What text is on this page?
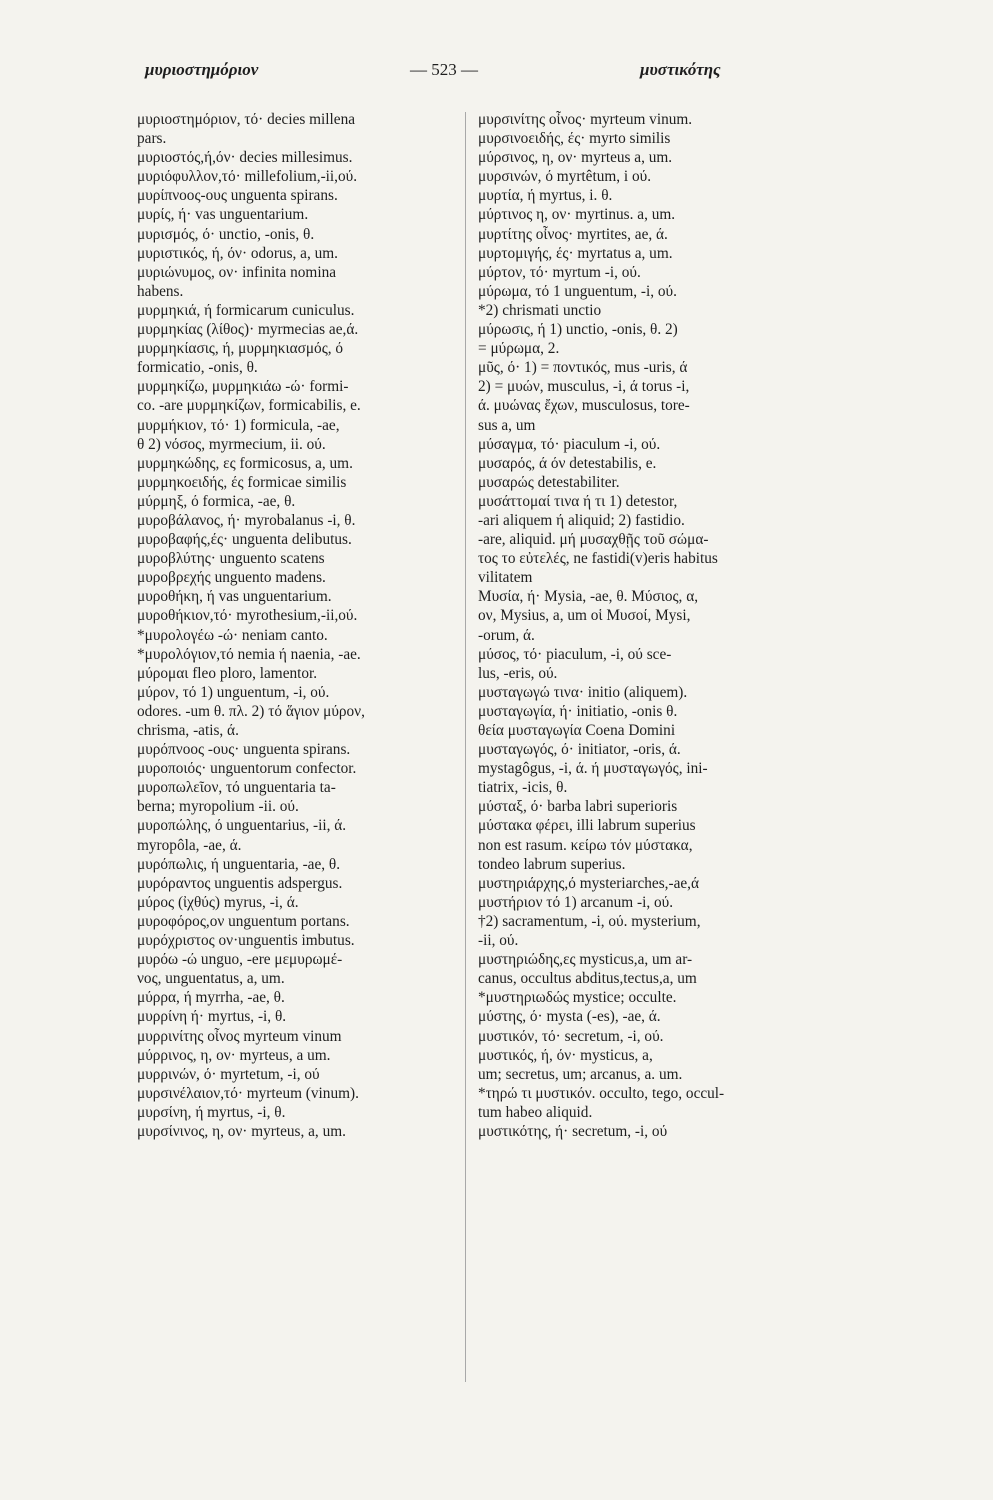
μυριοστημόριον	— 523 —	μυστικότης
μυριοστημόριον, τό· decies millena
pars.
μυριοστός,ή,όν· decies millesimus.
μυριόφυλλον,τό· millefolium,-ii,ού.
μυρίπνοος-ους unguenta spirans.
μυρίς, ή· vas unguentarium.
μυρισμός, ό· unctio, -onis, θ.
μυριστικός, ή, όν· odorus, a, um.
μυριώνυμος, ον· infinita nomina
habens.
μυρμηκιά, ή formicarum cuniculus.
μυρμηκίας (λίθος)· myrmecias ae,ά.
μυρμηκίασις, ή, μυρμηκιασμός, ό
formicatio, -onis, θ.
μυρμηκίζω, μυρμηκιάω -ώ· formi-
co. -are μυρμηκίζων, formicabilis, e.
μυρμήκιον, τό· 1) formicula, -ae,
θ 2) νόσος, myrmecium, ii. ού.
μυρμηκώδης, ες formicosus, a, um.
μυρμηκοειδής, ές formicae similis
μύρμηξ, ό formica, -ae, θ.
μυροβάλανος, ή· myrobalanus -i, θ.
μυροβαφής,ές· unguenta delibutus.
μυροβλύτης· unguento scatens
μυροβρεχής unguento madens.
μυροθήκη, ή vas unguentarium.
μυροθήκιον,τό· myrothesium,-ii,ού.
*μυρολογέω -ώ· neniam canto.
*μυρολόγιον,τό nemia ή naenia, -ae.
μύρομαι fleo ploro, lamentor.
μύρον, τό 1) unguentum, -i, ού.
odores. -um θ. πλ. 2) τό ἅγιον μύρον,
chrisma, -atis, ά.
μυρόπνοος -ους· unguenta spirans.
μυροποιός· unguentorum confector.
μυροπωλεῖον, τό unguentaria ta-
berna; myropolium -ii. ού.
μυροπώλης, ό unguentarius, -ii, ά.
myropôla, -ae, ά.
μυρόπωλις, ή unguentaria, -ae, θ.
μυρόραντος unguentis adspergus.
μύρος (ἰχθύς) myrus, -i, ά.
μυροφόρος,ον unguentum portans.
μυρόχριστος ον·unguentis imbutus.
μυρόω -ώ unguo, -ere μεμυρωμέ-
νος, unguentatus, a, um.
μύρρα, ή myrrha, -ae, θ.
μυρρίνη ή· myrtus, -i, θ.
μυρρινίτης οἶνος myrteum vinum
μύρρινος, η, ον· myrteus, a um.
μυρρινών, ό· myrtetum, -i, ού
μυρσινέλαιον,τό· myrteum (vinum).
μυρσίνη, ή myrtus, -i, θ.
μυρσίνινος, η, ον· myrteus, a, um.
μυρσινίτης οἶνος· myrteum vinum.
μυρσινοειδής, ές· myrto similis
μύρσινος, η, ον· myrteus a, um.
μυρσινών, ό myrtêtum, i ού.
μυρτία, ή myrtus, i. θ.
μύρτινος η, ον· myrtinus. a, um.
μυρτίτης οἶνος· myrtites, ae, ά.
μυρτομιγής, ές· myrtatus a, um.
μύρτον, τό· myrtum -i, ού.
μύρωμα, τό 1 unguentum, -i, ού.
*2) chrismati unctio
μύρωσις, ή 1) unctio, -onis, θ. 2)
= μύρωμα, 2.
μῦς, ό· 1) = ποντικός, mus -uris, ά
2) = μυών, musculus, -i, ά torus -i,
ά. μυώνας ἔχων, musculosus, tore-
sus a, um
μύσαγμα, τό· piaculum -i, ού.
μυσαρός, ά όν detestabilis, e.
μυσαρώς detestabiliter.
μυσάττομαί τινα ή τι 1) detestor,
-ari aliquem ή aliquid; 2) fastidio.
-are, aliquid. μή μυσαχθῇς τοῦ σώμα-
τος το εὐτελές, ne fastidi(v)eris habitus
vilitatem
Μυσία, ή· Mysia, -ae, θ. Μύσιος, α,
ον, Mysius, a, um οἱ Μυσοί, Mysi,
-orum, ά.
μύσος, τό· piaculum, -i, ού sce-
lus, -eris, ού.
μυσταγωγώ τινα· initio (aliquem).
μυσταγωγία, ή· initiatio, -onis θ.
θεία μυσταγωγία Coena Domini
μυσταγωγός, ό· initiator, -oris, ά.
mystagôgus, -i, ά. ή μυσταγωγός, ini-
tiatrix, -icis, θ.
μύσταξ, ό· barba labri superioris
μύστακα φέρει, illi labrum superius
non est rasum. κείρω τόν μύστακα,
tondeo labrum superius.
μυστηριάρχης,ό mysteriarches,-ae,ά
μυστήριον τό 1) arcanum -i, ού.
†2) sacramentum, -i, ού. mysterium,
-ii, ού.
μυστηριώδης,ες mysticus,a, um ar-
canus, occultus abditus,tectus,a, um
*μυστηριωδώς mystice; occulte.
μύστης, ό· mysta (-es), -ae, ά.
μυστικόν, τό· secretum, -i, ού.
μυστικός, ή, όν· mysticus, a,
um; secretus, um; arcanus, a. um.
*τηρώ τι μυστικόν. occulto, tego, occul-
tum habeo aliquid.
μυστικότης, ή· secretum, -i, ού
